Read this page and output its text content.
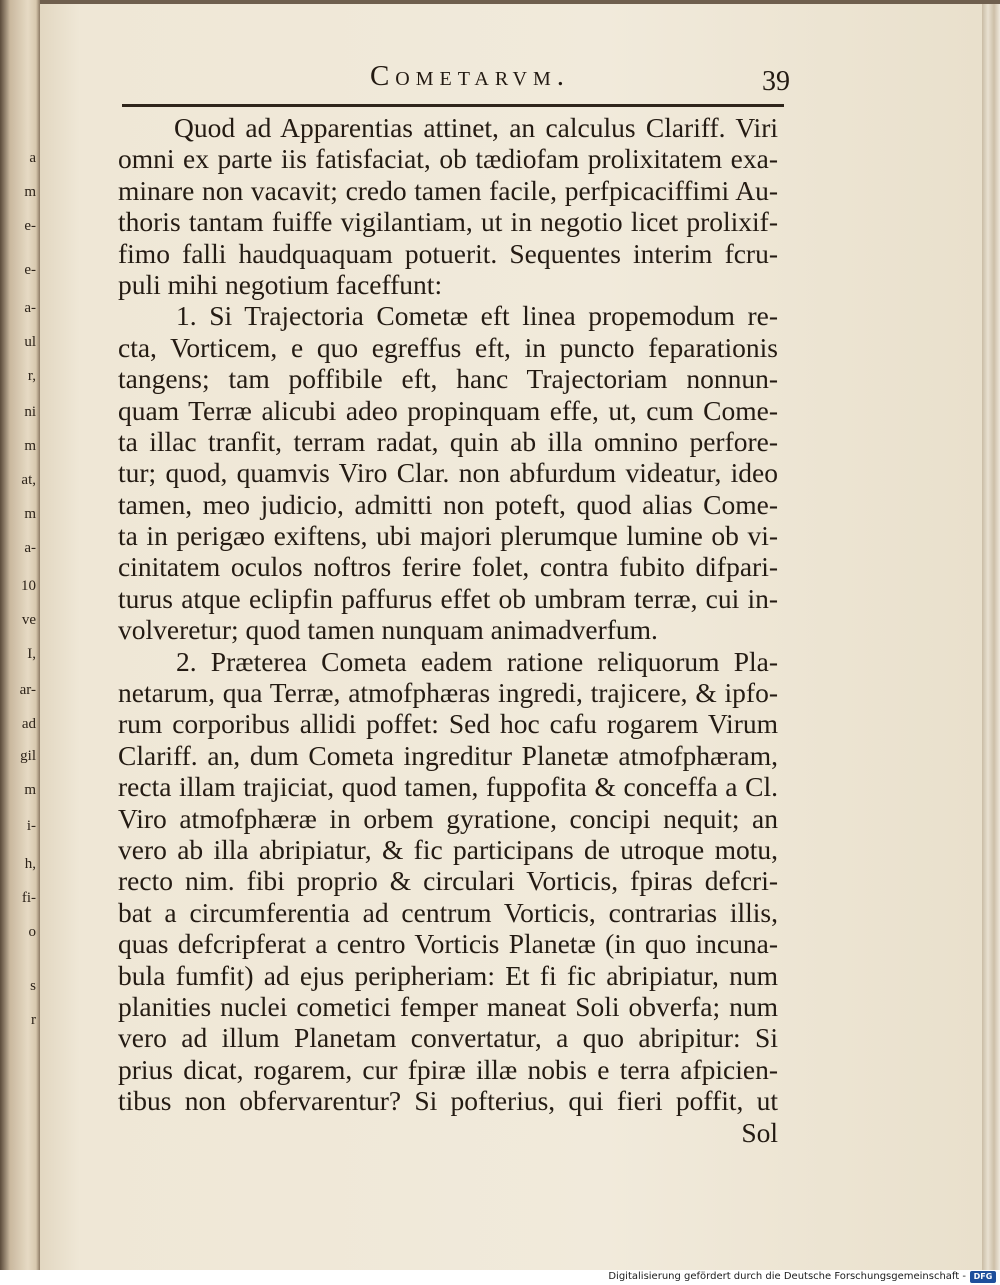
a
m
e-
e-
a-
ul
r,
ni
m
at,
m
a-
10
ve
I,
ar-
ad
gil
m
i-
h,
fi-
o
s
r
Cometarvm.	39
Quod ad Apparentias attinet, an calculus Clariff. Viri
omni ex parte iis fatisfaciat, ob tædiofam prolixitatem exa-
minare non vacavit; credo tamen facile, perfpicaciffimi Au-
thoris tantam fuiffe vigilantiam, ut in negotio licet prolixif-
fimo falli haudquaquam potuerit. Sequentes interim fcru-
puli mihi negotium faceffunt:
1. Si Trajectoria Cometæ eft linea propemodum re-
cta, Vorticem, e quo egreffus eft, in puncto feparationis
tangens; tam poffibile eft, hanc Trajectoriam nonnun-
quam Terræ alicubi adeo propinquam effe, ut, cum Come-
ta illac tranfit, terram radat, quin ab illa omnino perfore-
tur; quod, quamvis Viro Clar. non abfurdum videatur, ideo
tamen, meo judicio, admitti non poteft, quod alias Come-
ta in perigæo exiftens, ubi majori plerumque lumine ob vi-
cinitatem oculos noftros ferire folet, contra fubito difpari-
turus atque eclipfin paffurus effet ob umbram terræ, cui in-
volveretur; quod tamen nunquam animadverfum.
2. Præterea Cometa eadem ratione reliquorum Pla-
netarum, qua Terræ, atmofphæras ingredi, trajicere, & ipfo-
rum corporibus allidi poffet: Sed hoc cafu rogarem Virum
Clariff. an, dum Cometa ingreditur Planetæ atmofphæram,
recta illam trajiciat, quod tamen, fuppofita & conceffa a Cl.
Viro atmofphæræ in orbem gyratione, concipi nequit; an
vero ab illa abripiatur, & fic participans de utroque motu,
recto nim. fibi proprio & circulari Vorticis, fpiras defcri-
bat a circumferentia ad centrum Vorticis, contrarias illis,
quas defcripferat a centro Vorticis Planetæ (in quo incuna-
bula fumfit) ad ejus peripheriam: Et fi fic abripiatur, num
planities nuclei cometici femper maneat Soli obverfa; num
vero ad illum Planetam convertatur, a quo abripitur: Si
prius dicat, rogarem, cur fpiræ illæ nobis e terra afpicien-
tibus non obfervarentur? Si pofterius, qui fieri poffit, ut
Sol
Digitalisierung gefördert durch die Deutsche Forschungsgemeinschaft - DFG
